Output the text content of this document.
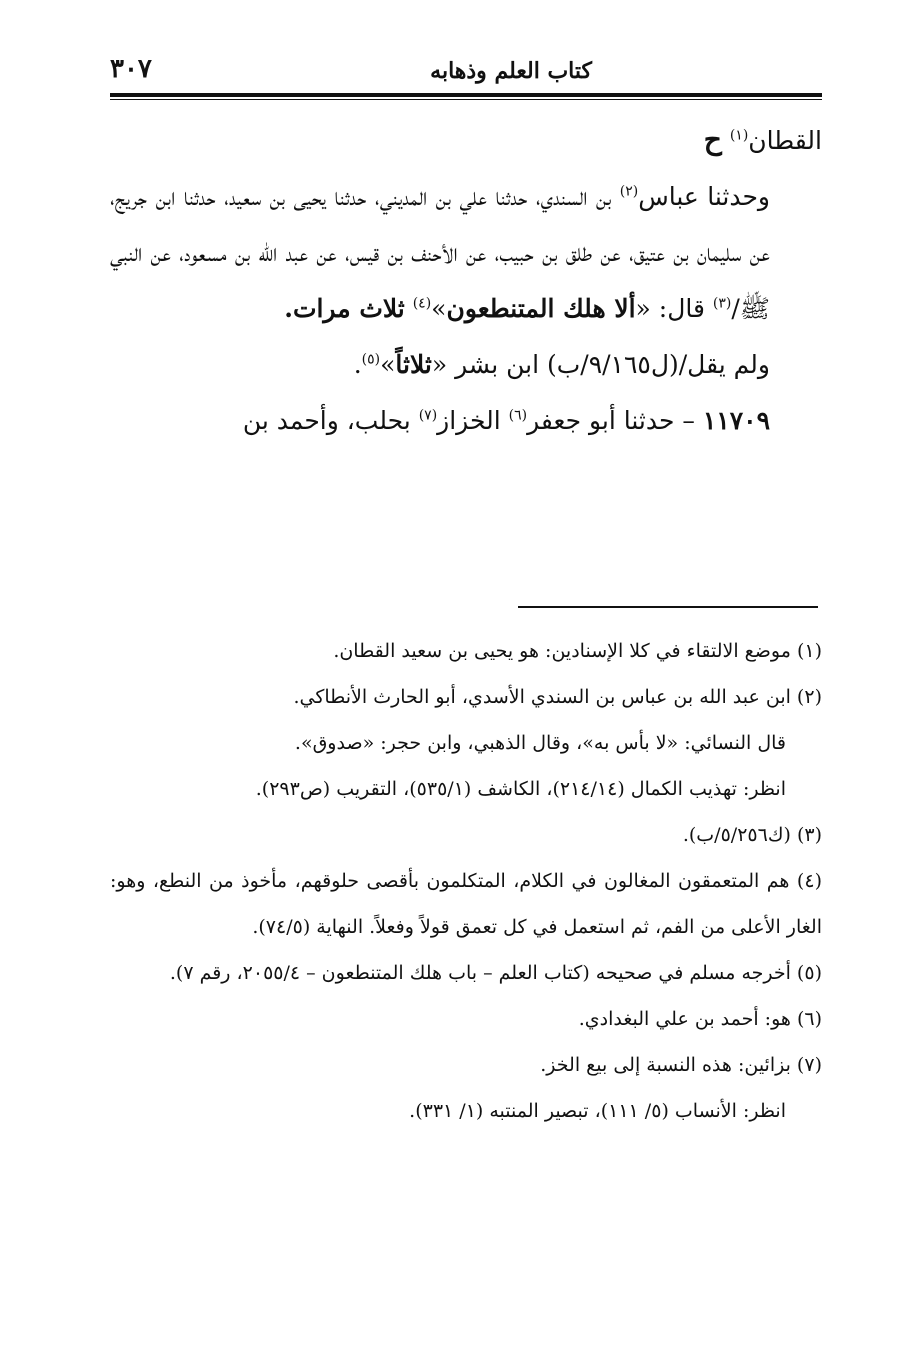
كتاب العلم وذهابه
٣٠٧

القطان$^{(١)}$ ح

وحدثنا عباس$^{(٢)}$ بن السندي، حدثنا علي بن المديني، حدثنا يحيى بن سعيد، حدثنا ابن جريج، عن سليمان بن عتيق، عن طلق بن حبيب، عن الأحنف بن قيس، عن عبد الله بن مسعود، عن النبي ﷺ/$^{(٣)}$ قال: «ألا هلك المتنطعون»$^{(٤)}$ ثلاث مرات.

ولم يقل/(ل٩/١٦٥/ب) ابن بشر «ثلاثاً»$^{(٥)}$.

١١٧٠٩ – حدثنا أبو جعفر$^{(٦)}$ الخزاز$^{(٧)}$ بحلب، وأحمد بن

(١) موضع الالتقاء في كلا الإسنادين: هو يحيى بن سعيد القطان.

(٢) ابن عبد الله بن عباس بن السندي الأسدي، أبو الحارث الأنطاكي.

قال النسائي: «لا بأس به»، وقال الذهبي، وابن حجر: «صدوق».

انظر: تهذيب الكمال (٢١٤/١٤)، الكاشف (٥٣٥/١)، التقريب (ص٢٩٣).

(٣) (ك٥/٢٥٦/ب).

(٤) هم المتعمقون المغالون في الكلام، المتكلمون بأقصى حلوقهم، مأخوذ من النطع، وهو: الغار الأعلى من الفم، ثم استعمل في كل تعمق قولاً وفعلاً. النهاية (٧٤/٥).

(٥) أخرجه مسلم في صحيحه (كتاب العلم – باب هلك المتنطعون – ٢٠٥٥/٤، رقم ٧).

(٦) هو: أحمد بن علي البغدادي.

(٧) بزائين: هذه النسبة إلى بيع الخز.

انظر: الأنساب (٥/ ١١١)، تبصير المنتبه (١/ ٣٣١).
